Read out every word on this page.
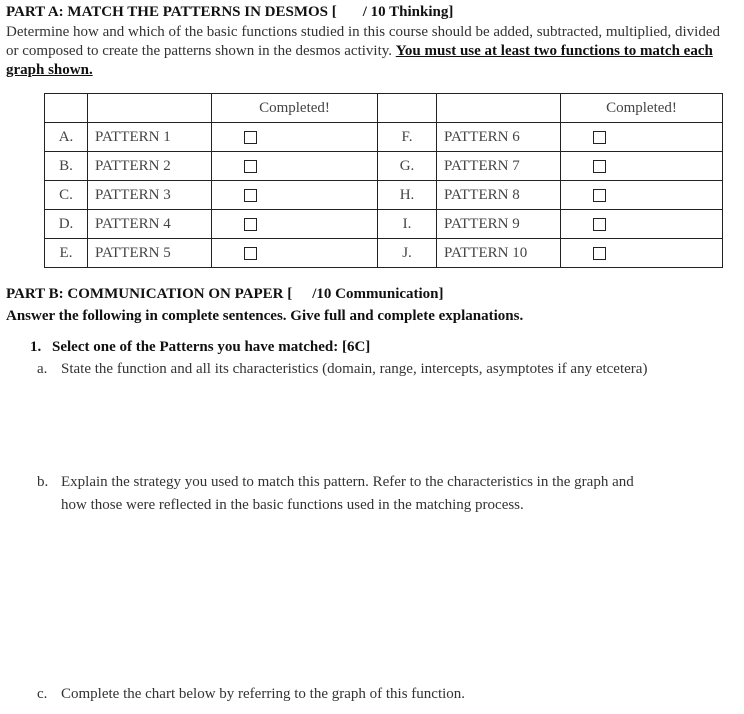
PART A: MATCH THE PATTERNS IN DESMOS [ / 10 Thinking]
Determine how and which of the basic functions studied in this course should be added, subtracted, multiplied, divided or composed to create the patterns shown in the desmos activity. You must use at least two functions to match each graph shown.
		Completed!			Completed!
A.	PATTERN 1		F.	PATTERN 6	
B.	PATTERN 2		G.	PATTERN 7	
C.	PATTERN 3		H.	PATTERN 8	
D.	PATTERN 4		I.	PATTERN 9	
E.	PATTERN 5		J.	PATTERN 10	
PART B: COMMUNICATION ON PAPER [ /10 Communication]
Answer the following in complete sentences. Give full and complete explanations.
1. Select one of the Patterns you have matched: [6C]
a. State the function and all its characteristics (domain, range, intercepts, asymptotes if any etcetera)
b. Explain the strategy you used to match this pattern. Refer to the characteristics in the graph and
how those were reflected in the basic functions used in the matching process.
c. Complete the chart below by referring to the graph of this function.
